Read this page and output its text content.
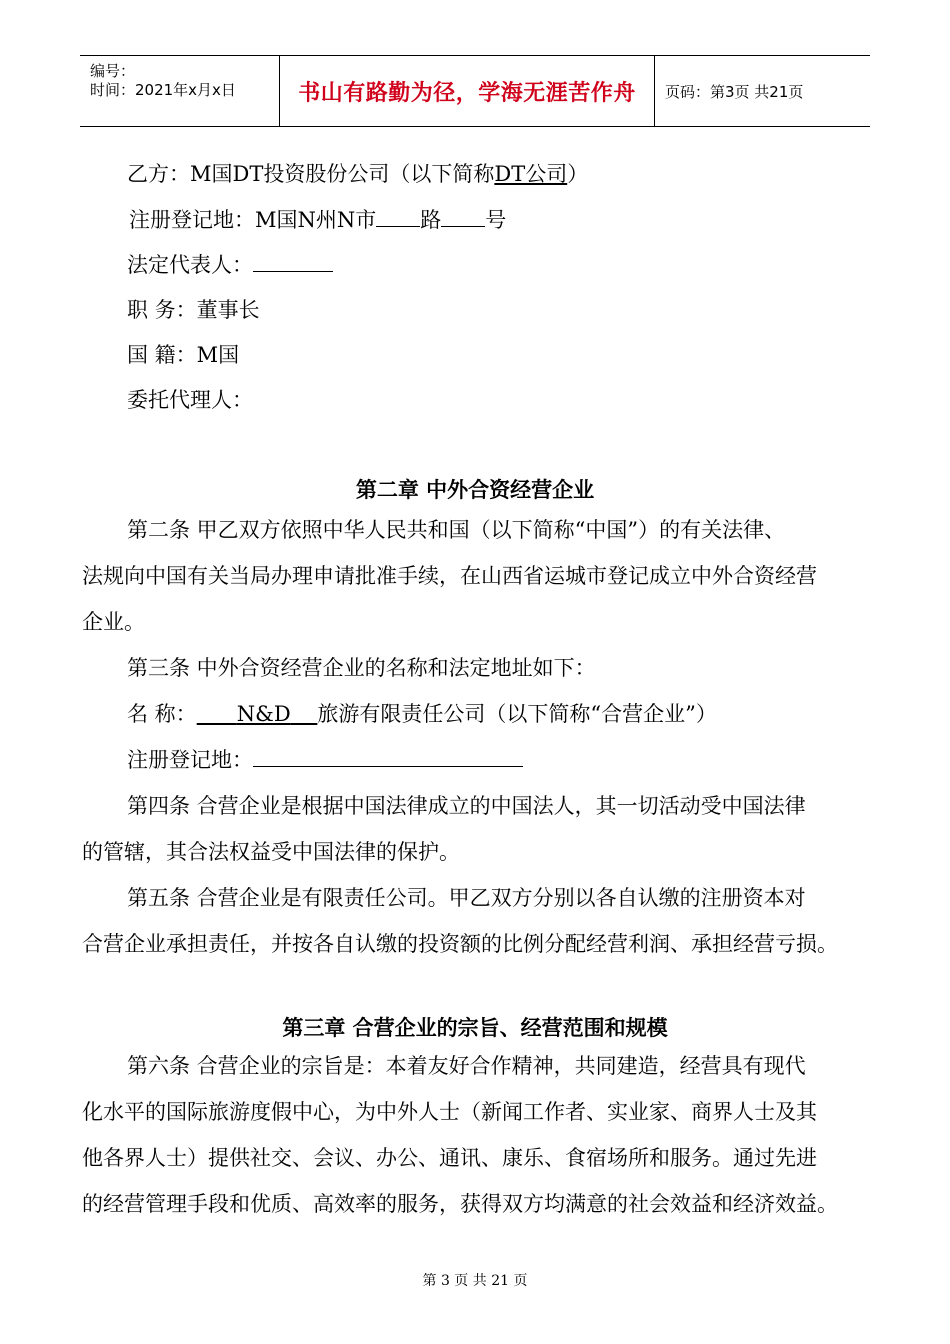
编号：
时间：2021年x月x日	书山有路勤为径，学海无涯苦作舟	页码：第3页 共21页
乙方：M国DT投资股份公司（以下简称DT公司）
注册登记地：M国N州N市 路 号
法定代表人：
职 务：董事长
国 籍：M国
委托代理人：
第二章 中外合资经营企业
第二条 甲乙双方依照中华人民共和国（以下简称“中国”）的有关法律、
法规向中国有关当局办理申请批准手续，在山西省运城市登记成立中外合资经营
企业。
第三条 中外合资经营企业的名称和法定地址如下：
名 称： N&D 旅游有限责任公司（以下简称“合营企业”）
注册登记地：
第四条 合营企业是根据中国法律成立的中国法人，其一切活动受中国法律
的管辖，其合法权益受中国法律的保护。
第五条 合营企业是有限责任公司。甲乙双方分别以各自认缴的注册资本对
合营企业承担责任，并按各自认缴的投资额的比例分配经营利润、承担经营亏损。
第三章 合营企业的宗旨、经营范围和规模
第六条 合营企业的宗旨是：本着友好合作精神，共同建造，经营具有现代
化水平的国际旅游度假中心，为中外人士（新闻工作者、实业家、商界人士及其
他各界人士）提供社交、会议、办公、通讯、康乐、食宿场所和服务。通过先进
的经营管理手段和优质、高效率的服务，获得双方均满意的社会效益和经济效益。
第 3 页 共 21 页
